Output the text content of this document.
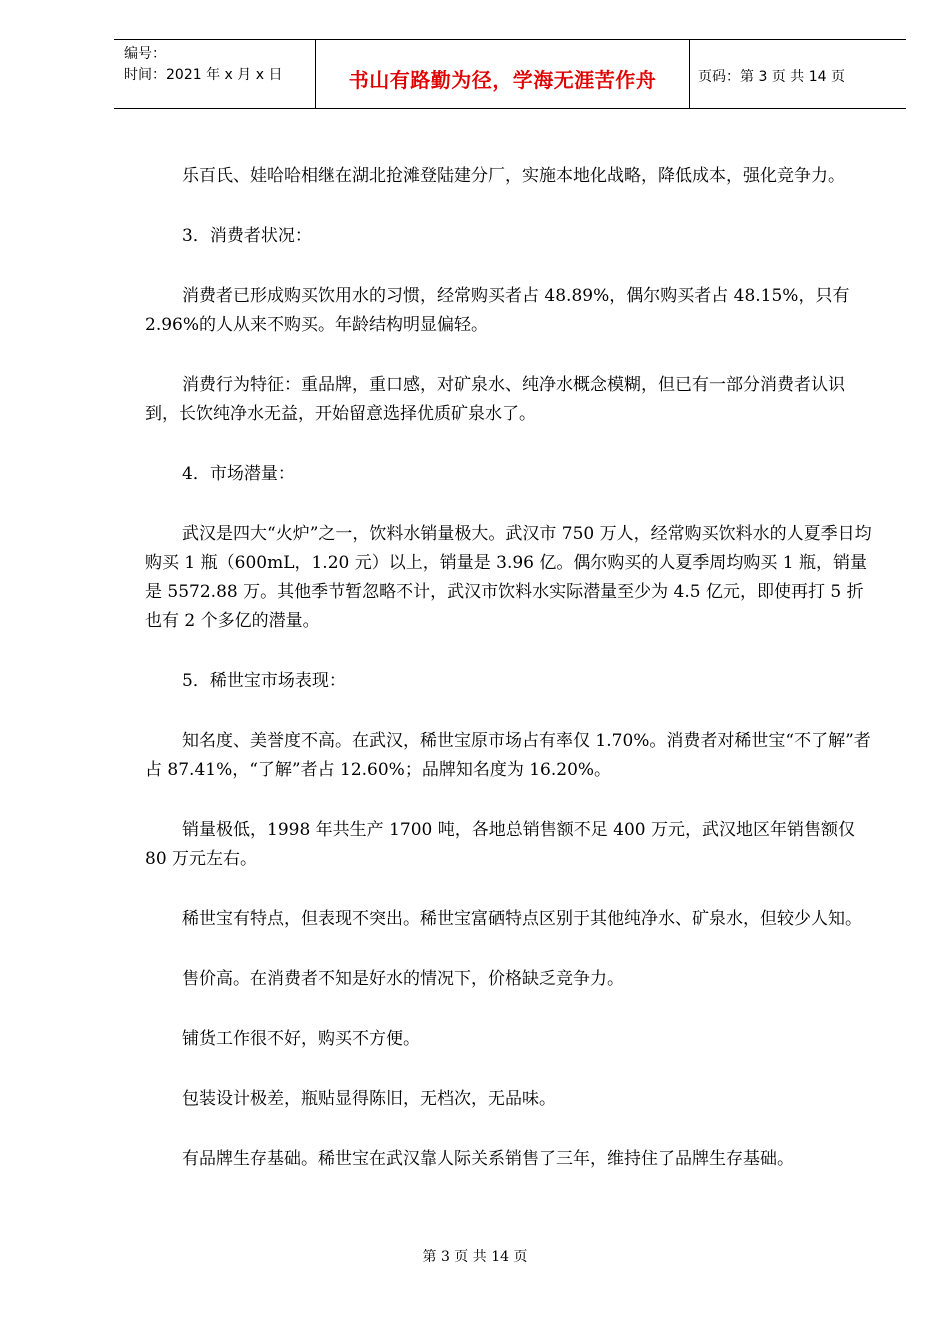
编号：
时间：2021 年 x 月 x 日	书山有路勤为径，学海无涯苦作舟	页码：第 3 页 共 14 页

乐百氏、娃哈哈相继在湖北抢滩登陆建分厂，实施本地化战略，降低成本，强化竞争力。

3．消费者状况：

消费者已形成购买饮用水的习惯，经常购买者占 48.89%，偶尔购买者占 48.15%，只有 2.96%的人从来不购买。年龄结构明显偏轻。

消费行为特征：重品牌，重口感，对矿泉水、纯净水概念模糊，但已有一部分消费者认识到，长饮纯净水无益，开始留意选择优质矿泉水了。

4．市场潜量：

武汉是四大“火炉”之一，饮料水销量极大。武汉市 750 万人，经常购买饮料水的人夏季日均购买 1 瓶（600mL，1.20 元）以上，销量是 3.96 亿。偶尔购买的人夏季周均购买 1 瓶，销量是 5572.88 万。其他季节暂忽略不计，武汉市饮料水实际潜量至少为 4.5 亿元，即使再打 5 折也有 2 个多亿的潜量。

5．稀世宝市场表现：

知名度、美誉度不高。在武汉，稀世宝原市场占有率仅 1.70%。消费者对稀世宝“不了解”者占 87.41%，“了解”者占 12.60%；品牌知名度为 16.20%。

销量极低，1998 年共生产 1700 吨，各地总销售额不足 400 万元，武汉地区年销售额仅 80 万元左右。

稀世宝有特点，但表现不突出。稀世宝富硒特点区别于其他纯净水、矿泉水，但较少人知。

售价高。在消费者不知是好水的情况下，价格缺乏竞争力。

铺货工作很不好，购买不方便。

包装设计极差，瓶贴显得陈旧，无档次，无品味。

有品牌生存基础。稀世宝在武汉靠人际关系销售了三年，维持住了品牌生存基础。

第 3 页 共 14 页
